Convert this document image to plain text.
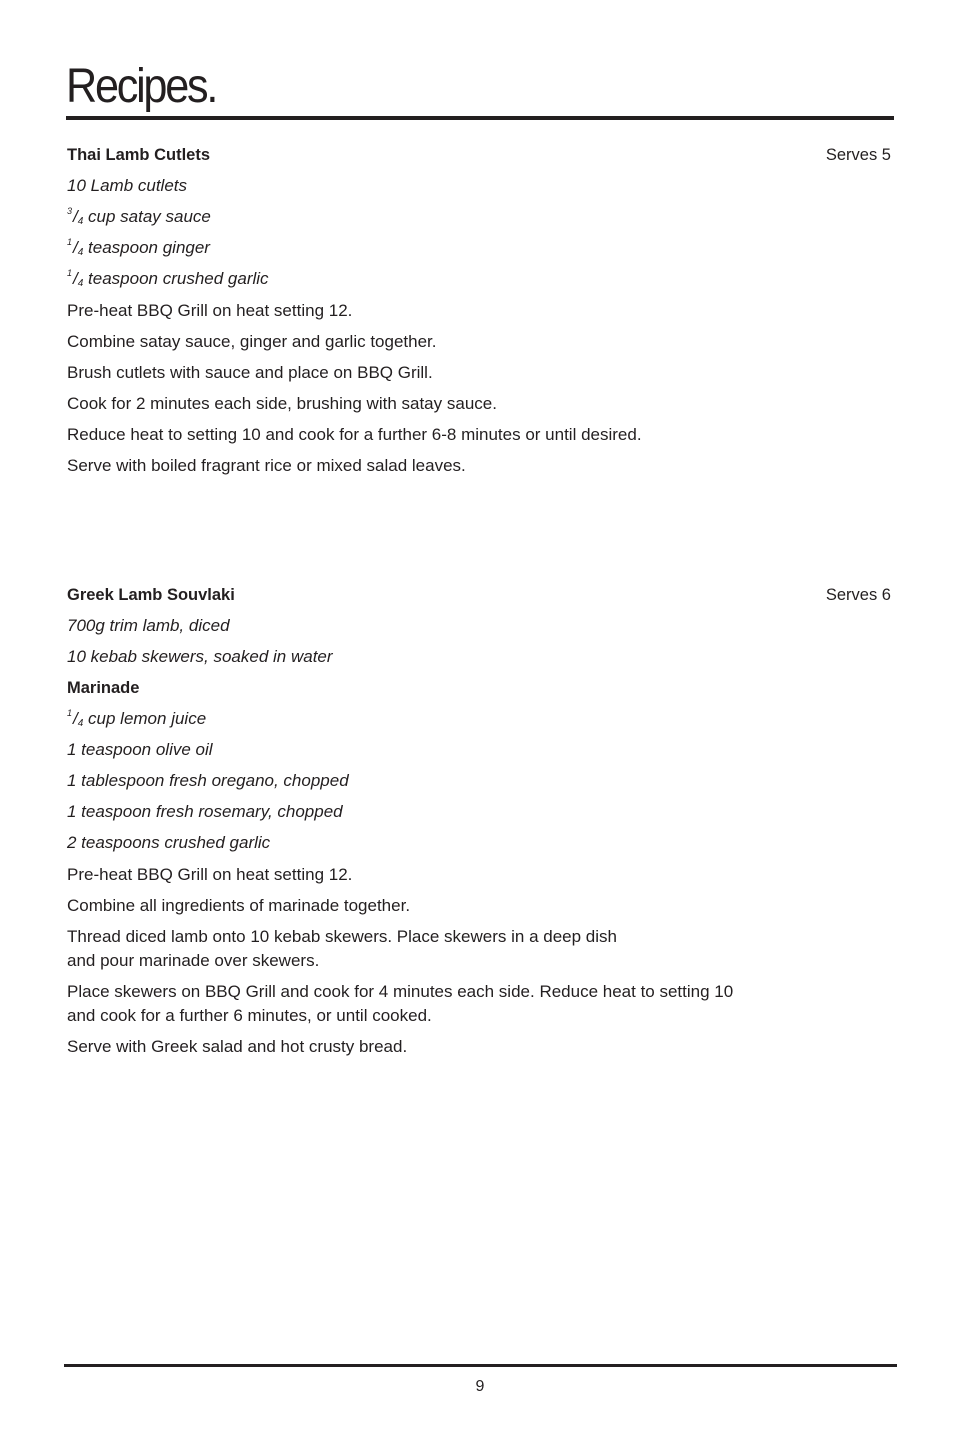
Recipes.
Thai Lamb Cutlets	Serves 5
10 Lamb cutlets
$^3/_4$ cup satay sauce
$^1/_4$ teaspoon ginger
$^1/_4$ teaspoon crushed garlic
Pre-heat BBQ Grill on heat setting 12.
Combine satay sauce, ginger and garlic together.
Brush cutlets with sauce and place on BBQ Grill.
Cook for 2 minutes each side, brushing with satay sauce.
Reduce heat to setting 10 and cook for a further 6-8 minutes or until desired.
Serve with boiled fragrant rice or mixed salad leaves.
Greek Lamb Souvlaki	Serves 6
700g trim lamb, diced
10 kebab skewers, soaked in water
Marinade
$^1/_4$ cup lemon juice
1 teaspoon olive oil
1 tablespoon fresh oregano, chopped
1 teaspoon fresh rosemary, chopped
2 teaspoons crushed garlic
Pre-heat BBQ Grill on heat setting 12.
Combine all ingredients of marinade together.
Thread diced lamb onto 10 kebab skewers. Place skewers in a deep dish
and pour marinade over skewers.
Place skewers on BBQ Grill and cook for 4 minutes each side. Reduce heat to setting 10
and cook for a further 6 minutes, or until cooked.
Serve with Greek salad and hot crusty bread.
9
